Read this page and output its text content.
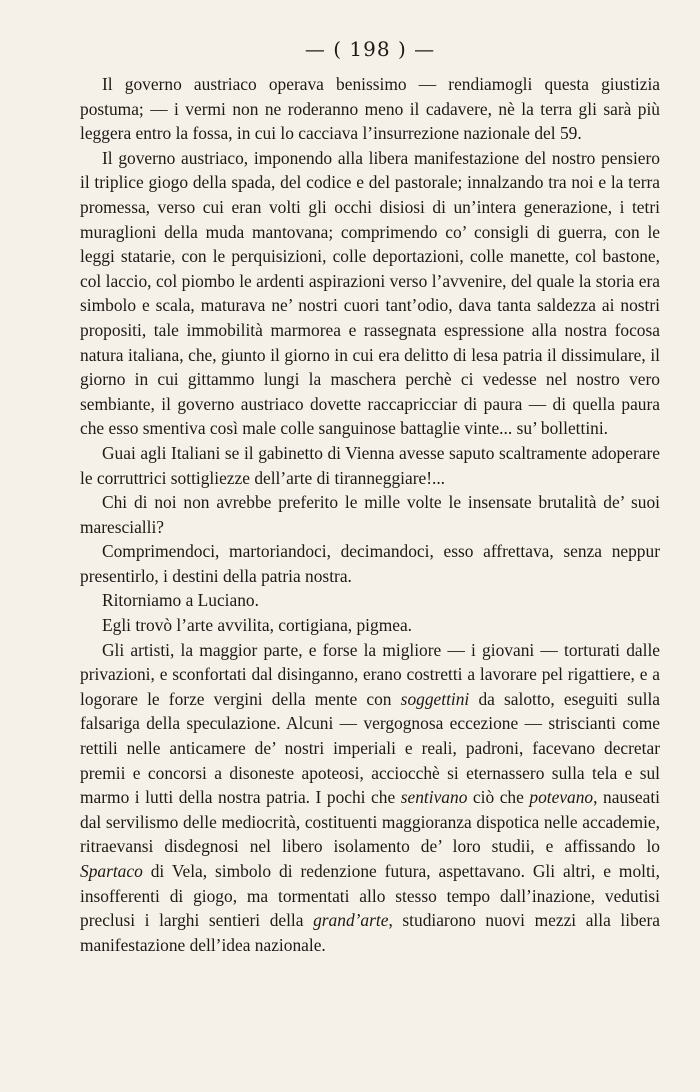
— ( 198 ) —

Il governo austriaco operava benissimo — rendiamogli questa giustizia postuma; — i vermi non ne roderanno meno il cadavere, nè la terra gli sarà più leggera entro la fossa, in cui lo cacciava l’insurrezione nazionale del 59.

Il governo austriaco, imponendo alla libera manifestazione del nostro pensiero il triplice giogo della spada, del codice e del pastorale; innalzando tra noi e la terra promessa, verso cui eran volti gli occhi disiosi di un’intera generazione, i tetri muraglioni della muda mantovana; comprimendo co’ consigli di guerra, con le leggi statarie, con le perquisizioni, colle deportazioni, colle manette, col bastone, col laccio, col piombo le ardenti aspirazioni verso l’avvenire, del quale la storia era simbolo e scala, maturava ne’ nostri cuori tant’odio, dava tanta saldezza ai nostri propositi, tale immobilità marmorea e rassegnata espressione alla nostra focosa natura italiana, che, giunto il giorno in cui era delitto di lesa patria il dissimulare, il giorno in cui gittammo lungi la maschera perchè ci vedesse nel nostro vero sembiante, il governo austriaco dovette raccapricciar di paura — di quella paura che esso smentiva così male colle sanguinose battaglie vinte... su’ bollettini.

Guai agli Italiani se il gabinetto di Vienna avesse saputo scaltramente adoperare le corruttrici sottigliezze dell’arte di tiranneggiare!...

Chi di noi non avrebbe preferito le mille volte le insensate brutalità de’ suoi marescialli?

Comprimendoci, martoriandoci, decimandoci, esso affrettava, senza neppur presentirlo, i destini della patria nostra.

Ritorniamo a Luciano.

Egli trovò l’arte avvilita, cortigiana, pigmea.

Gli artisti, la maggior parte, e forse la migliore — i giovani — torturati dalle privazioni, e sconfortati dal disinganno, erano costretti a lavorare pel rigattiere, e a logorare le forze vergini della mente con soggettini da salotto, eseguiti sulla falsariga della speculazione. Alcuni — vergognosa eccezione — striscianti come rettili nelle anticamere de’ nostri imperiali e reali, padroni, facevano decretar premii e concorsi a disoneste apoteosi, acciocchè si eternassero sulla tela e sul marmo i lutti della nostra patria. I pochi che sentivano ciò che potevano, nauseati dal servilismo delle mediocrità, costituenti maggioranza dispotica nelle accademie, ritraevansi disdegnosi nel libero isolamento de’ loro studii, e affissando lo Spartaco di Vela, simbolo di redenzione futura, aspettavano. Gli altri, e molti, insofferenti di giogo, ma tormentati allo stesso tempo dall’inazione, vedutisi preclusi i larghi sentieri della grand’arte, studiarono nuovi mezzi alla libera manifestazione dell’idea nazionale.
